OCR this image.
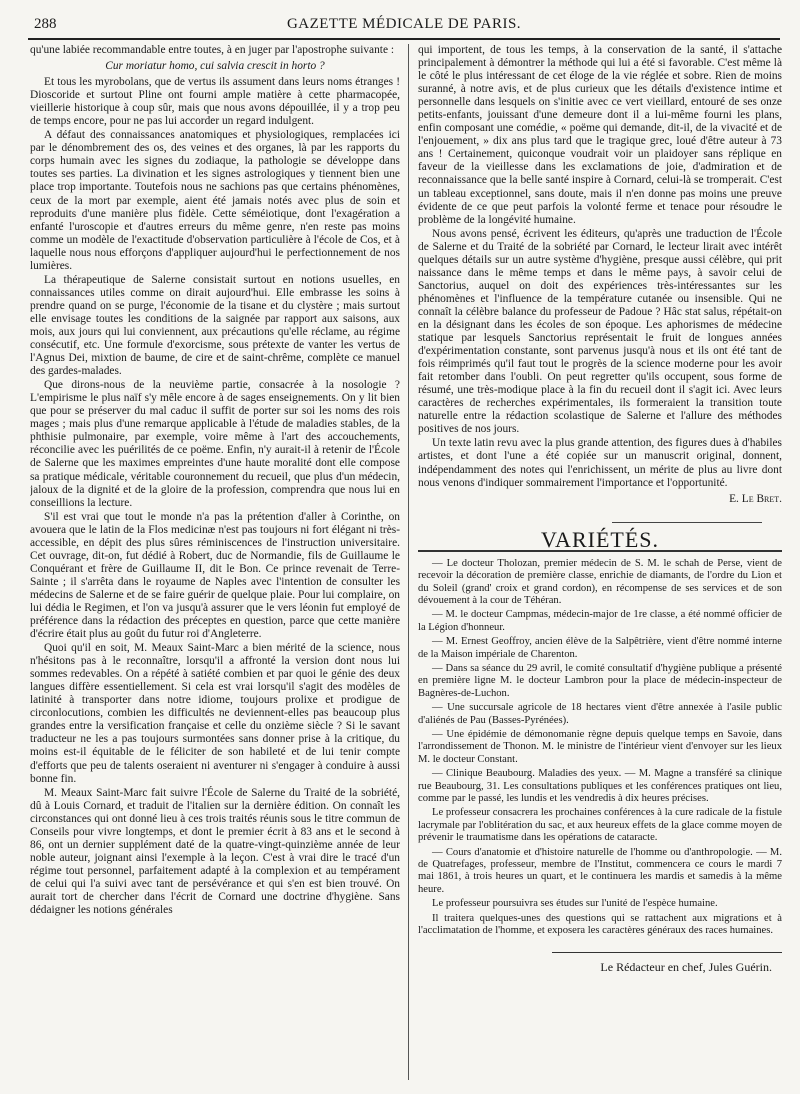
288	GAZETTE MÉDICALE DE PARIS.

qu'une labiée recommandable entre toutes, à en juger par l'apostrophe suivante :

Cur moriatur homo, cui salvia crescit in horto ?

Et tous les myrobolans, que de vertus ils assument dans leurs noms étranges ! Dioscoride et surtout Pline ont fourni ample matière à cette pharmacopée, vieillerie historique à coup sûr, mais que nous avons dépouillée, il y a trop peu de temps encore, pour ne pas lui accorder un regard indulgent.

A défaut des connaissances anatomiques et physiologiques, remplacées ici par le dénombrement des os, des veines et des organes, là par les rapports du corps humain avec les signes du zodiaque, la pathologie se développe dans toutes ses parties. La divination et les signes astrologiques y tiennent bien une place trop importante. Toutefois nous ne sachions pas que certains phénomènes, ceux de la mort par exemple, aient été jamais notés avec plus de soin et reproduits d'une manière plus fidèle. Cette séméiotique, dont l'exagération a enfanté l'uroscopie et d'autres erreurs du même genre, n'en reste pas moins comme un modèle de l'exactitude d'observation particulière à l'école de Cos, et à laquelle nous nous efforçons d'appliquer aujourd'hui le perfectionnement de nos lumières.

La thérapeutique de Salerne consistait surtout en notions usuelles, en connaissances utiles comme on dirait aujourd'hui. Elle embrasse les soins à prendre quand on se purge, l'économie de la tisane et du clystère ; mais surtout elle envisage toutes les conditions de la saignée par rapport aux saisons, aux mois, aux jours qui lui conviennent, aux précautions qu'elle réclame, au régime consécutif, etc. Une formule d'exorcisme, sous prétexte de vanter les vertus de l'Agnus Dei, mixtion de baume, de cire et de saint-chrême, complète ce manuel des gardes-malades.

Que dirons-nous de la neuvième partie, consacrée à la nosologie ? L'empirisme le plus naïf s'y mêle encore à de sages enseignements. On y lit bien que pour se préserver du mal caduc il suffit de porter sur soi les noms des rois mages ; mais plus d'une remarque applicable à l'étude de maladies stables, de la phthisie pulmonaire, par exemple, voire même à l'art des accouchements, réconcilie avec les puérilités de ce poëme. Enfin, n'y aurait-il à retenir de l'École de Salerne que les maximes empreintes d'une haute moralité dont elle compose sa pratique médicale, véritable couronnement du recueil, que plus d'un médecin, jaloux de la dignité et de la gloire de la profession, comprendra que nous lui en conseillions la lecture.

S'il est vrai que tout le monde n'a pas la prétention d'aller à Corinthe, on avouera que le latin de la Flos medicinæ n'est pas toujours ni fort élégant ni très-accessible, en dépit des plus sûres réminiscences de l'instruction universitaire. Cet ouvrage, dit-on, fut dédié à Robert, duc de Normandie, fils de Guillaume le Conquérant et frère de Guillaume II, dit le Bon. Ce prince revenait de Terre-Sainte ; il s'arrêta dans le royaume de Naples avec l'intention de consulter les médecins de Salerne et de se faire guérir de quelque plaie. Pour lui complaire, on lui dédia le Regimen, et l'on va jusqu'à assurer que le vers léonin fut employé de préférence dans la rédaction des préceptes en question, parce que cette manière d'écrire était plus au goût du futur roi d'Angleterre.

Quoi qu'il en soit, M. Meaux Saint-Marc a bien mérité de la science, nous n'hésitons pas à le reconnaître, lorsqu'il a affronté la version dont nous lui sommes redevables. On a répété à satiété combien et par quoi le génie des deux langues diffère essentiellement. Si cela est vrai lorsqu'il s'agit des modèles de latinité à transporter dans notre idiome, toujours prolixe et prodigue de circonlocutions, combien les difficultés ne deviennent-elles pas beaucoup plus grandes entre la versification française et celle du onzième siècle ? Si le savant traducteur ne les a pas toujours surmontées sans donner prise à la critique, du moins est-il équitable de le féliciter de son habileté et de lui tenir compte d'efforts que peu de talents oseraient ni aventurer ni s'engager à conduire à aussi bonne fin.

M. Meaux Saint-Marc fait suivre l'École de Salerne du Traité de la sobriété, dû à Louis Cornard, et traduit de l'italien sur la dernière édition. On connaît les circonstances qui ont donné lieu à ces trois traités réunis sous le titre commun de Conseils pour vivre longtemps, et dont le premier écrit à 83 ans et le second à 86, ont un dernier supplément daté de la quatre-vingt-quinzième année de leur noble auteur, joignant ainsi l'exemple à la leçon. C'est à vrai dire le tracé d'un régime tout personnel, parfaitement adapté à la complexion et au tempérament de celui qui l'a suivi avec tant de persévérance et qui s'en est bien trouvé. On aurait tort de chercher dans l'écrit de Cornard une doctrine d'hygiène. Sans dédaigner les notions générales

qui importent, de tous les temps, à la conservation de la santé, il s'attache principalement à démontrer la méthode qui lui a été si favorable. C'est même là le côté le plus intéressant de cet éloge de la vie réglée et sobre. Rien de moins suranné, à notre avis, et de plus curieux que les détails d'existence intime et personnelle dans lesquels on s'initie avec ce vert vieillard, entouré de ses onze petits-enfants, jouissant d'une demeure dont il a lui-même fourni les plans, enfin composant une comédie, « poëme qui demande, dit-il, de la vivacité et de l'enjouement, » dix ans plus tard que le tragique grec, loué d'être auteur à 73 ans ! Certainement, quiconque voudrait voir un plaidoyer sans réplique en faveur de la vieillesse dans les exclamations de joie, d'admiration et de reconnaissance que la belle santé inspire à Cornard, celui-là se tromperait. C'est un tableau exceptionnel, sans doute, mais il n'en donne pas moins une preuve évidente de ce que peut parfois la volonté ferme et tenace pour résoudre le problème de la longévité humaine.

Nous avons pensé, écrivent les éditeurs, qu'après une traduction de l'École de Salerne et du Traité de la sobriété par Cornard, le lecteur lirait avec intérêt quelques détails sur un autre système d'hygiène, presque aussi célèbre, qui prit naissance dans le même temps et dans le même pays, à savoir celui de Sanctorius, auquel on doit des expériences très-intéressantes sur les phénomènes et l'influence de la température cutanée ou insensible. Qui ne connaît la célèbre balance du professeur de Padoue ? Hâc stat salus, répétait-on en la désignant dans les écoles de son époque. Les aphorismes de médecine statique par lesquels Sanctorius représentait le fruit de longues années d'expérimentation constante, sont parvenus jusqu'à nous et ils ont été tant de fois réimprimés qu'il faut tout le progrès de la science moderne pour les avoir fait retomber dans l'oubli. On peut regretter qu'ils occupent, sous forme de résumé, une très-modique place à la fin du recueil dont il s'agit ici. Avec leurs caractères de recherches expérimentales, ils formeraient la transition toute naturelle entre la rédaction scolastique de Salerne et l'allure des méthodes positives de nos jours.

Un texte latin revu avec la plus grande attention, des figures dues à d'habiles artistes, et dont l'une a été copiée sur un manuscrit original, donnent, indépendamment des notes qui l'enrichissent, un mérite de plus au livre dont nous venons d'indiquer sommairement l'importance et l'opportunité.

E. Le Bret.

VARIÉTÉS.

— Le docteur Tholozan, premier médecin de S. M. le schah de Perse, vient de recevoir la décoration de première classe, enrichie de diamants, de l'ordre du Lion et du Soleil (grand' croix et grand cordon), en récompense de ses services et de son dévouement à la cour de Téhéran.

— M. le docteur Campmas, médecin-major de 1re classe, a été nommé officier de la Légion d'honneur.

— M. Ernest Geoffroy, ancien élève de la Salpêtrière, vient d'être nommé interne de la Maison impériale de Charenton.

— Dans sa séance du 29 avril, le comité consultatif d'hygiène publique a présenté en première ligne M. le docteur Lambron pour la place de médecin-inspecteur de Bagnères-de-Luchon.

— Une succursale agricole de 18 hectares vient d'être annexée à l'asile public d'aliénés de Pau (Basses-Pyrénées).

— Une épidémie de démonomanie règne depuis quelque temps en Savoie, dans l'arrondissement de Thonon. M. le ministre de l'intérieur vient d'envoyer sur les lieux M. le docteur Constant.

— Clinique Beaubourg. Maladies des yeux. — M. Magne a transféré sa clinique rue Beaubourg, 31. Les consultations publiques et les conférences pratiques ont lieu, comme par le passé, les lundis et les vendredis à dix heures précises.

Le professeur consacrera les prochaines conférences à la cure radicale de la fistule lacrymale par l'oblitération du sac, et aux heureux effets de la glace comme moyen de prévenir le traumatisme dans les opérations de cataracte.

— Cours d'anatomie et d'histoire naturelle de l'homme ou d'anthropologie. — M. de Quatrefages, professeur, membre de l'Institut, commencera ce cours le mardi 7 mai 1861, à trois heures un quart, et le continuera les mardis et samedis à la même heure.

Le professeur poursuivra ses études sur l'unité de l'espèce humaine.

Il traitera quelques-unes des questions qui se rattachent aux migrations et à l'acclimatation de l'homme, et exposera les caractères généraux des races humaines.

Le Rédacteur en chef, Jules Guérin.
